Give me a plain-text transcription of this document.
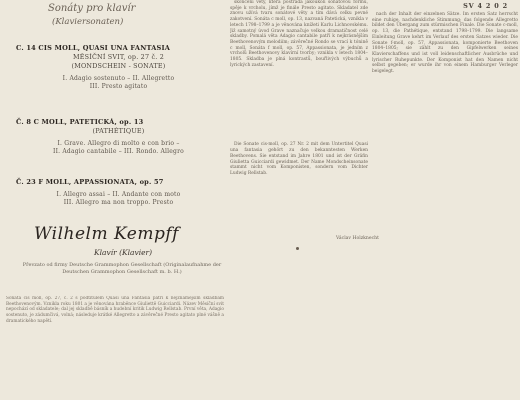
Sonáty pro klavír
(Klaviersonaten)
C. 14 CIS MOLL, QUASI UNA FANTASIA
MĚSÍČNÍ SVIT, op. 27 č. 2
(MONDSCHEIN - SONATE)
I. Adagio sostenuto – II. Allegretto
III. Presto agitato
Č. 8 C MOLL, PATETICKÁ, op. 13
(PATHÉTIQUE)
I. Grave. Allegro di molto e con brio –
II. Adagio cantabile – III. Rondo. Allegro
Č. 23 F MOLL, APPASSIONATA, op. 57
I. Allegro assai – II. Andante con moto
III. Allegro ma non troppo. Presto
Wilhelm Kempff
Klavír (Klavier)
Převzato od firmy Deutsche Grammophon Gesellschaft (Originalaufnahme der Deutschen Grammophon Gesellschaft m. b. H.)
Sonáta cis moll, op. 27, č. 2 s podtitulem Quasi una Fantasia patří k nejznámějším skladbám Beethovenovým. Vznikla roku 1801 a je věnována hraběnce Giuliettě Guicciardi. Název Měsíční svit nepochází od skladatele; dal jej skladbě básník a hudební kritik Ludwig Rellstab. První věta, Adagio sostenuto, je zádumčivá, volná; následuje krátké Allegretto a závěrečné Presto agitato plné vášně a dramatického napětí.

skončení věty, která postrádá jakoukoli sonátovou formu, spěje k vrcholu, jímž je finále Presto agitato. Skladatel zde znovu užívá tvaru sonátové věty a tím dává celku pevné zakotvení. Sonáta c moll, op. 13, nazvaná Patetická, vznikla v letech 1798–1799 a je věnována knížeti Karlu Lichnovskému. Již samotný úvod Grave naznačuje velkou dramatičnost celé skladby. Pomalá věta Adagio cantabile patří k nejkrásnějším Beethovenovým melodiím; závěrečné Rondo se vrací k tónině c moll. Sonáta f moll, op. 57, Appassionata, je jedním z vrcholů Beethovenovy klavírní tvorby; vznikla v letech 1804–1805. Skladba je plná kontrastů, bouřlivých výbuchů a lyrických zastavení.

Die Sonate cis-moll, op. 27 Nr. 2 mit dem Untertitel Quasi una fantasia gehört zu den bekanntesten Werken Beethovens. Sie entstand im Jahre 1801 und ist der Gräfin Giulietta Guicciardi gewidmet. Der Name Mondscheinsonate stammt nicht vom Komponisten, sondern vom Dichter Ludwig Rellstab.

Václav Holzknecht

nach der Inhalt der einzelnen Sätze. Im ersten Satz herrscht eine ruhige, nachdenkliche Stimmung; das folgende Allegretto bildet den Übergang zum stürmischen Finale. Die Sonate c-moll, op. 13, die Pathétique, entstand 1798–1799. Die langsame Einleitung Grave kehrt im Verlauf des ersten Satzes wieder. Die Sonate f-moll, op. 57, Appassionata, komponierte Beethoven 1804–1805; sie zählt zu den Gipfelwerken seines Klavierschaffens und ist voll leidenschaftlicher Ausbrüche und lyrischer Ruhepunkte. Der Komponist hat den Namen nicht selbst gegeben; er wurde ihr von einem Hamburger Verleger beigelegt.

SV 4 2 0 2
